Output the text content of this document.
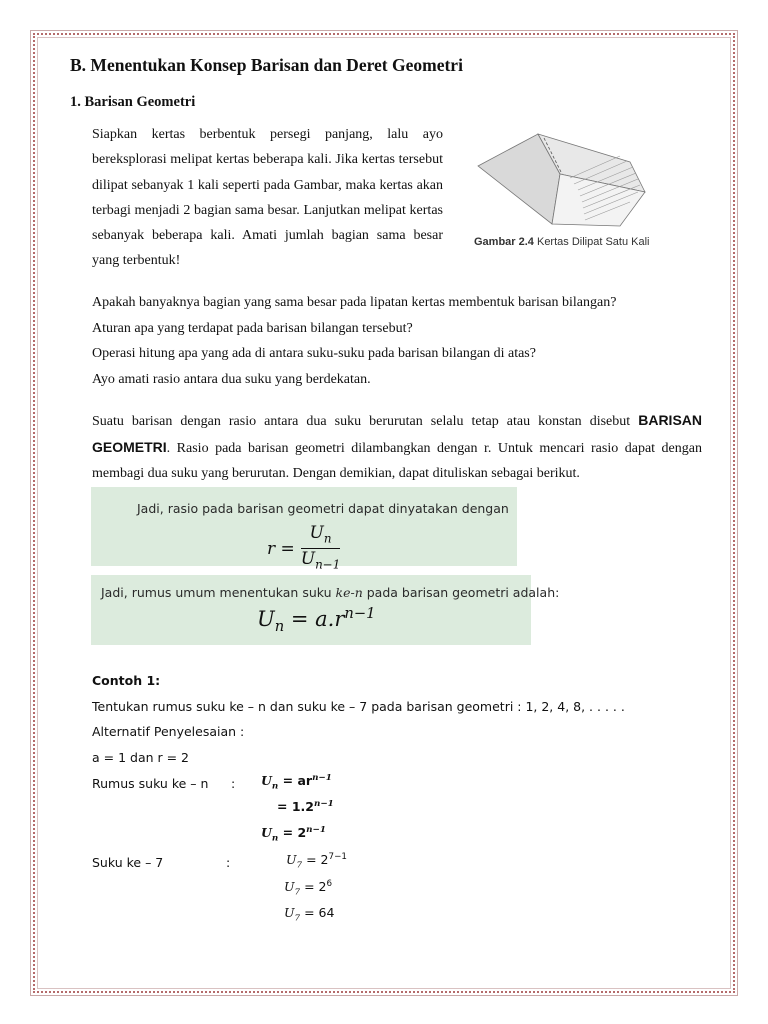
B. Menentukan Konsep Barisan dan Deret Geometri
1. Barisan Geometri

Siapkan kertas berbentuk persegi panjang, lalu ayo bereksplorasi melipat kertas beberapa kali. Jika kertas tersebut dilipat sebanyak 1 kali seperti pada Gambar, maka kertas akan terbagi menjadi 2 bagian sama besar. Lanjutkan melipat kertas sebanyak beberapa kali. Amati jumlah bagian sama besar yang terbentuk!

Gambar 2.4 Kertas Dilipat Satu Kali
Apakah banyaknya bagian yang sama besar pada lipatan kertas membentuk barisan bilangan?
Aturan apa yang terdapat pada barisan bilangan tersebut?
Operasi hitung apa yang ada di antara suku-suku pada barisan bilangan di atas?
Ayo amati rasio antara dua suku yang berdekatan.
Suatu barisan dengan rasio antara dua suku berurutan selalu tetap atau konstan disebut BARISAN GEOMETRI. Rasio pada barisan geometri dilambangkan dengan r. Untuk mencari rasio dapat dengan membagi dua suku yang berurutan. Dengan demikian, dapat dituliskan sebagai berikut.
Jadi, rasio pada barisan geometri dapat dinyatakan dengan
$r = \frac{U_n}{U_{n-1}}$
Jadi, rumus umum menentukan suku ke-n pada barisan geometri adalah:
$U_n = a.r^{n-1}$
Contoh 1:
Tentukan rumus suku ke – n dan suku ke – 7 pada barisan geometri : 1, 2, 4, 8, . . . . .
Alternatif Penyelesaian :
a = 1 dan r = 2
Rumus suku ke – n : $U_n = ar^{n-1}$
= $1.2^{n-1}$
$U_n = 2^{n-1}$
Suku ke – 7	:	$U_7 = 2^{7-1}$
$U_7 = 2^6$
$U_7 = 64$
